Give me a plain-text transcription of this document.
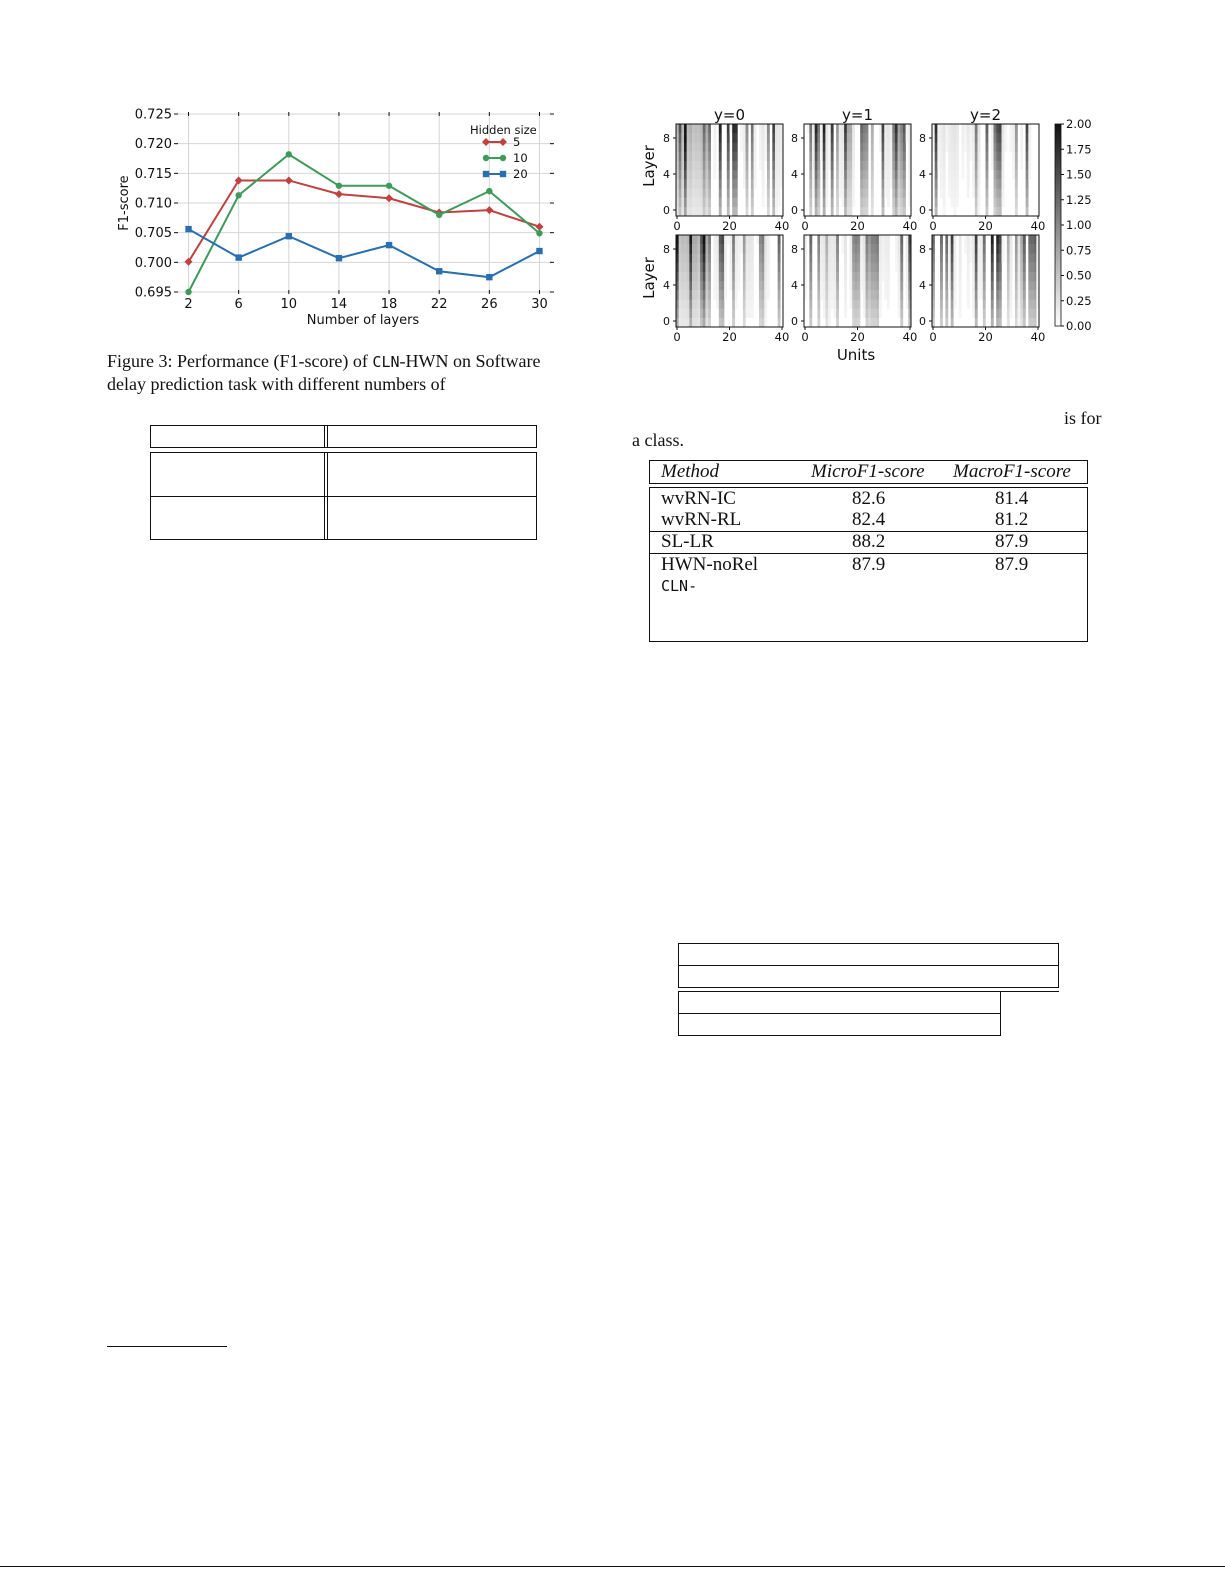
2	6	10	14	18	22	26	30
0.695
0.700
0.705
0.710
0.715
0.720
0.725
Number of layers
F1-score
Hidden size
5
10
20
Figure 3: Performance (F1-score) of CLN-HWN on Software
delay prediction task with different numbers of
y=0	y=1	y=2
0
4
8
0	20	40
0
4
8
0	20	40
0
4
8
0	20	40
0
4
8
0	20	40
0
4
8
0	20	40
0
4
8
0	20	40
0.00
0.25
0.50
0.75
1.00
1.25
1.50
1.75
2.00
Units
Layer
Layer
is for
a class.
Method	MicroF1-score MacroF1-score
wvRN-IC	82.6	81.4
wvRN-RL	82.4	81.2
SL-LR	88.2	87.9
HWN-noRel	87.9	87.9
CLN-
